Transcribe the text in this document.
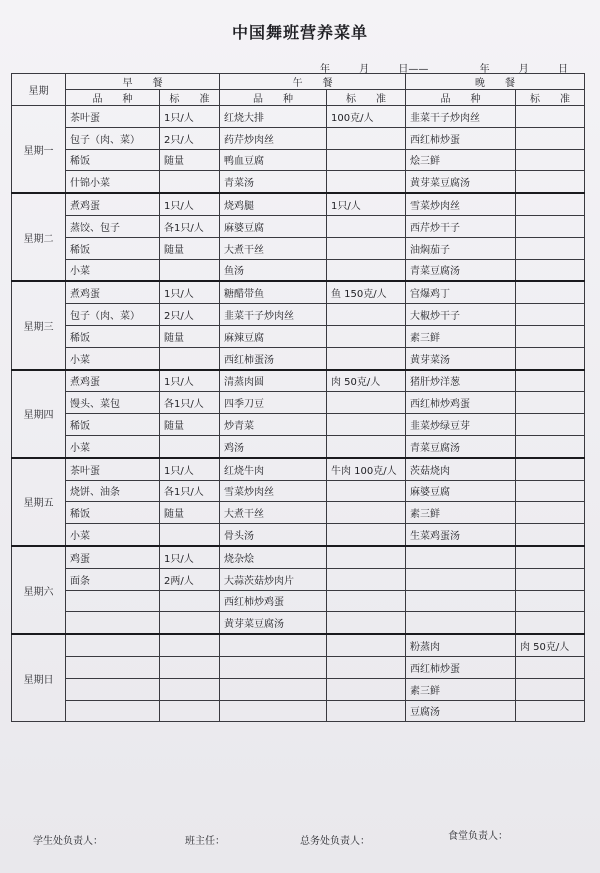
中国舞班营养菜单
年	月	日——	年	月	日
星期	早　　餐		午　　餐		晚　　餐	
	品　　种	标　　准	品　　种	标　　准	品　　种	标　　准
星期一	茶叶蛋	1只/人	红烧大排	100克/人	韭菜干子炒肉丝	
	包子（肉、菜）	2只/人	药芹炒肉丝		西红柿炒蛋	
	稀饭	随量	鸭血豆腐		烩三鲜	
	什锦小菜		青菜汤		黄芽菜豆腐汤	
星期二	煮鸡蛋	1只/人	烧鸡腿	1只/人	雪菜炒肉丝	
	蒸饺、包子	各1只/人	麻婆豆腐		西芹炒干子	
	稀饭	随量	大煮干丝		油焖茄子	
	小菜		鱼汤		青菜豆腐汤	
星期三	煮鸡蛋	1只/人	糖醋带鱼	鱼 150克/人	宫爆鸡丁	
	包子（肉、菜）	2只/人	韭菜干子炒肉丝		大椒炒干子	
	稀饭	随量	麻辣豆腐		素三鲜	
	小菜		西红柿蛋汤		黄芽菜汤	
星期四	煮鸡蛋	1只/人	清蒸肉圆	肉 50克/人	猪肝炒洋葱	
	馒头、菜包	各1只/人	四季刀豆		西红柿炒鸡蛋	
	稀饭	随量	炒青菜		韭菜炒绿豆芽	
	小菜		鸡汤		青菜豆腐汤	
星期五	茶叶蛋	1只/人	红烧牛肉	牛肉 100克/人	茨菇烧肉	
	烧饼、油条	各1只/人	雪菜炒肉丝		麻婆豆腐	
	稀饭	随量	大煮干丝		素三鲜	
	小菜		骨头汤		生菜鸡蛋汤	
星期六	鸡蛋	1只/人	烧杂烩			
	面条	2两/人	大蒜茨菇炒肉片			
			西红柿炒鸡蛋			
			黄芽菜豆腐汤			
星期日					粉蒸肉	肉 50克/人
					西红柿炒蛋	
					素三鲜	
					豆腐汤	
学生处负责人：	班主任：	总务处负责人：	食堂负责人：
